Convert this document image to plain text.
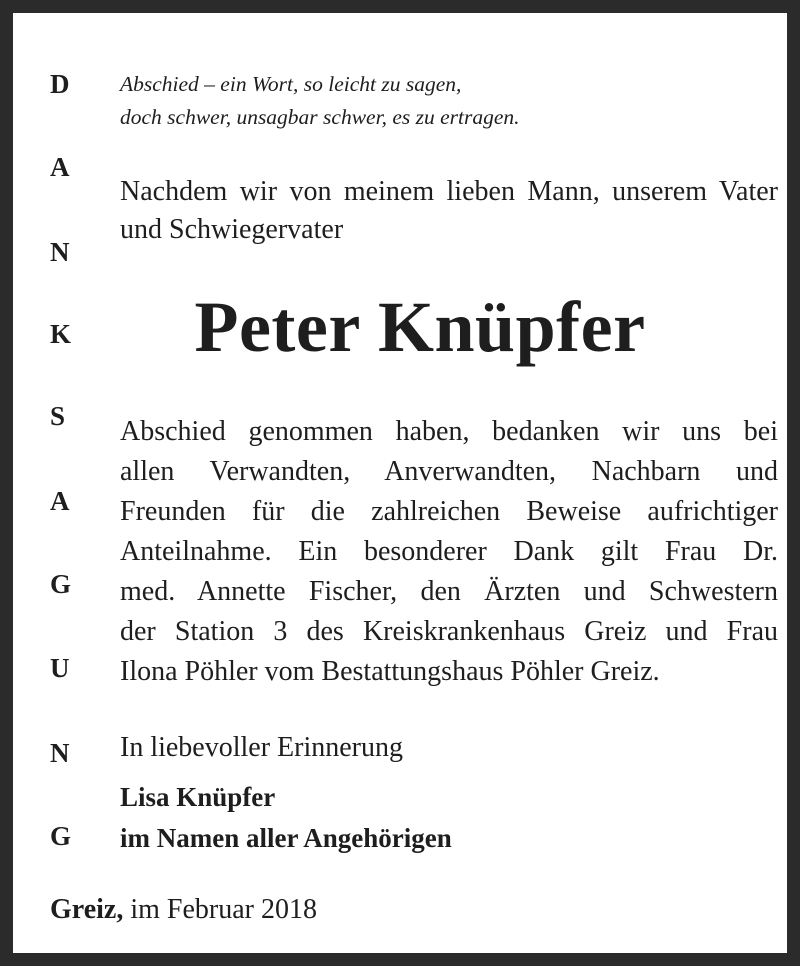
D
A
N
K
S
A
G
U
N
G
Abschied – ein Wort, so leicht zu sagen,
doch schwer, unsagbar schwer, es zu ertragen.
Nachdem wir von meinem lieben Mann, unserem Vater und Schwiegervater
Peter Knüpfer
Abschied genommen haben, bedanken wir uns bei
allen Verwandten, Anverwandten, Nachbarn und
Freunden für die zahlreichen Beweise aufrichtiger
Anteilnahme. Ein besonderer Dank gilt Frau Dr.
med. Annette Fischer, den Ärzten und Schwestern
der Station 3 des Kreiskrankenhaus Greiz und Frau
Ilona Pöhler vom Bestattungshaus Pöhler Greiz.
In liebevoller Erinnerung
Lisa Knüpfer
im Namen aller Angehörigen
Greiz, im Februar 2018
